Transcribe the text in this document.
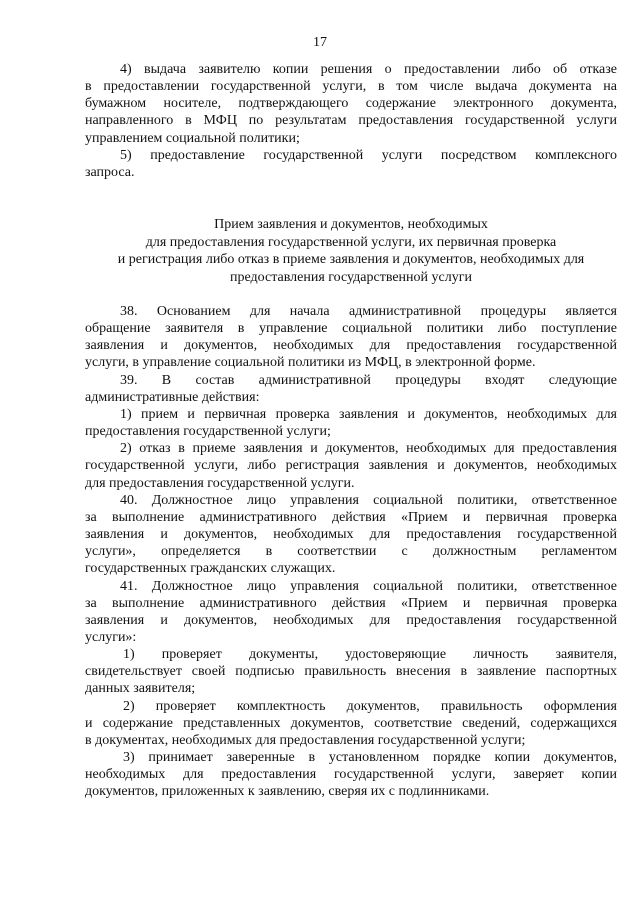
17
4) выдача заявителю копии решения о предоставлении либо об отказе
в предоставлении государственной услуги, в том числе выдача документа на
бумажном носителе, подтверждающего содержание электронного документа,
направленного в МФЦ по результатам предоставления государственной услуги
управлением социальной политики;
5) предоставление государственной услуги посредством комплексного
запроса.
Прием заявления и документов, необходимых
для предоставления государственной услуги, их первичная проверка
и регистрация либо отказ в приеме заявления и документов, необходимых для
предоставления государственной услуги
38. Основанием для начала административной процедуры является
обращение заявителя в управление социальной политики либо поступление
заявления и документов, необходимых для предоставления государственной
услуги, в управление социальной политики из МФЦ, в электронной форме.
39. В состав административной процедуры входят следующие
административные действия:
1) прием и первичная проверка заявления и документов, необходимых для
предоставления государственной услуги;
2) отказ в приеме заявления и документов, необходимых для предоставления
государственной услуги, либо регистрация заявления и документов, необходимых
для предоставления государственной услуги.
40. Должностное лицо управления социальной политики, ответственное
за выполнение административного действия «Прием и первичная проверка
заявления и документов, необходимых для предоставления государственной
услуги», определяется в соответствии с должностным регламентом
государственных гражданских служащих.
41. Должностное лицо управления социальной политики, ответственное
за выполнение административного действия «Прием и первичная проверка
заявления и документов, необходимых для предоставления государственной
услуги»:
1) проверяет документы, удостоверяющие личность заявителя,
свидетельствует своей подписью правильность внесения в заявление паспортных
данных заявителя;
2) проверяет комплектность документов, правильность оформления
и содержание представленных документов, соответствие сведений, содержащихся
в документах, необходимых для предоставления государственной услуги;
3) принимает заверенные в установленном порядке копии документов,
необходимых для предоставления государственной услуги, заверяет копии
документов, приложенных к заявлению, сверяя их с подлинниками.
